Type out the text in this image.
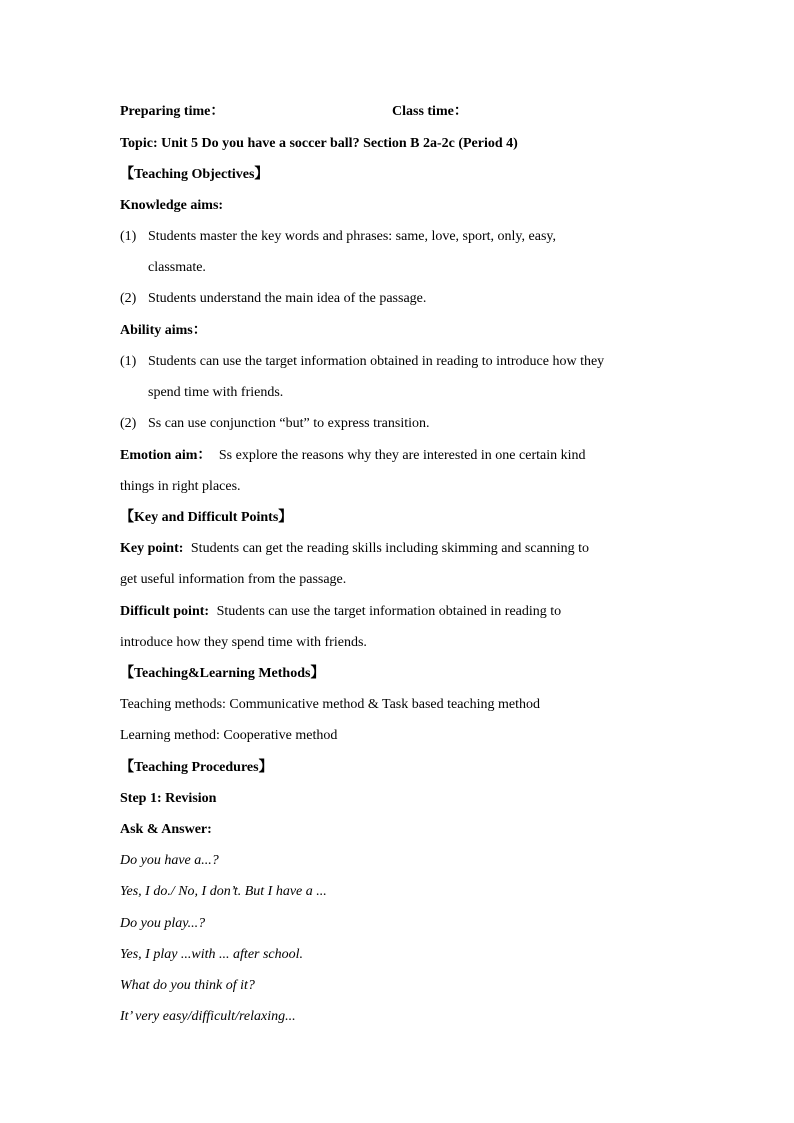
Preparing time：	Class time：
Topic: Unit 5 Do you have a soccer ball? Section B 2a-2c (Period 4)
【Teaching Objectives】
Knowledge aims:
(1) Students master the key words and phrases: same, love, sport, only, easy,
classmate.
(2) Students understand the main idea of the passage.
Ability aims：
(1) Students can use the target information obtained in reading to introduce how they
spend time with friends.
(2) Ss can use conjunction “but” to express transition.
Emotion aim： Ss explore the reasons why they are interested in one certain kind
things in right places.
【Key and Difficult Points】
Key point: Students can get the reading skills including skimming and scanning to
get useful information from the passage.
Difficult point: Students can use the target information obtained in reading to
introduce how they spend time with friends.
【Teaching&Learning Methods】
Teaching methods: Communicative method & Task based teaching method
Learning method: Cooperative method
【Teaching Procedures】
Step 1: Revision
Ask & Answer:
Do you have a...?
Yes, I do./ No, I don’t. But I have a ...
Do you play...?
Yes, I play ...with ... after school.
What do you think of it?
It’ very easy/difficult/relaxing...
